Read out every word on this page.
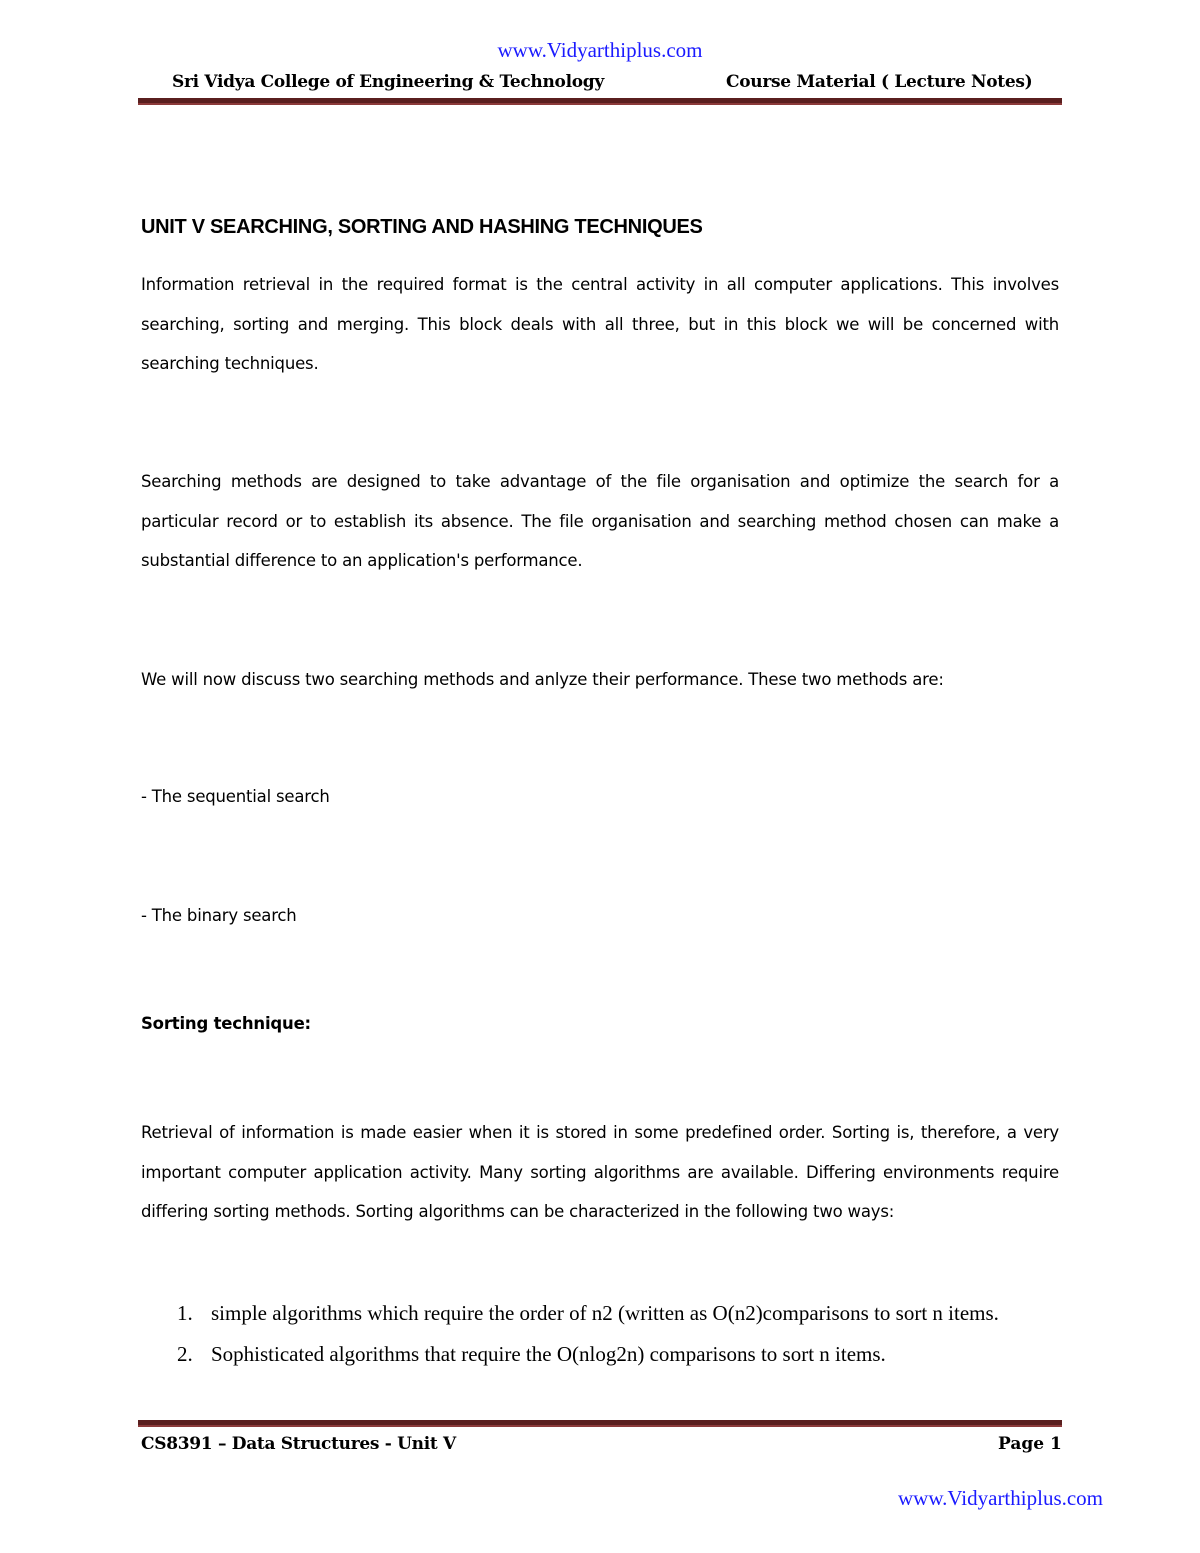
www.Vidyarthiplus.com
Sri Vidya College of Engineering & Technology	Course Material ( Lecture Notes)
UNIT V SEARCHING, SORTING AND HASHING TECHNIQUES
Information retrieval in the required format is the central activity in all computer applications. This involves searching, sorting and merging. This block deals with all three, but in this block we will be concerned with searching techniques.
Searching methods are designed to take advantage of the file organisation and optimize the search for a particular record or to establish its absence. The file organisation and searching method chosen can make a substantial difference to an application's performance.
We will now discuss two searching methods and anlyze their performance. These two methods are:
- The sequential search
- The binary search
Sorting technique:
Retrieval of information is made easier when it is stored in some predefined order. Sorting is, therefore, a very important computer application activity. Many sorting algorithms are available. Differing environments require differing sorting methods. Sorting algorithms can be characterized in the following two ways:
1. simple algorithms which require the order of n2 (written as O(n2)comparisons to sort n items.
2. Sophisticated algorithms that require the O(nlog2n) comparisons to sort n items.
CS8391 – Data Structures - Unit V	Page 1
www.Vidyarthiplus.com
